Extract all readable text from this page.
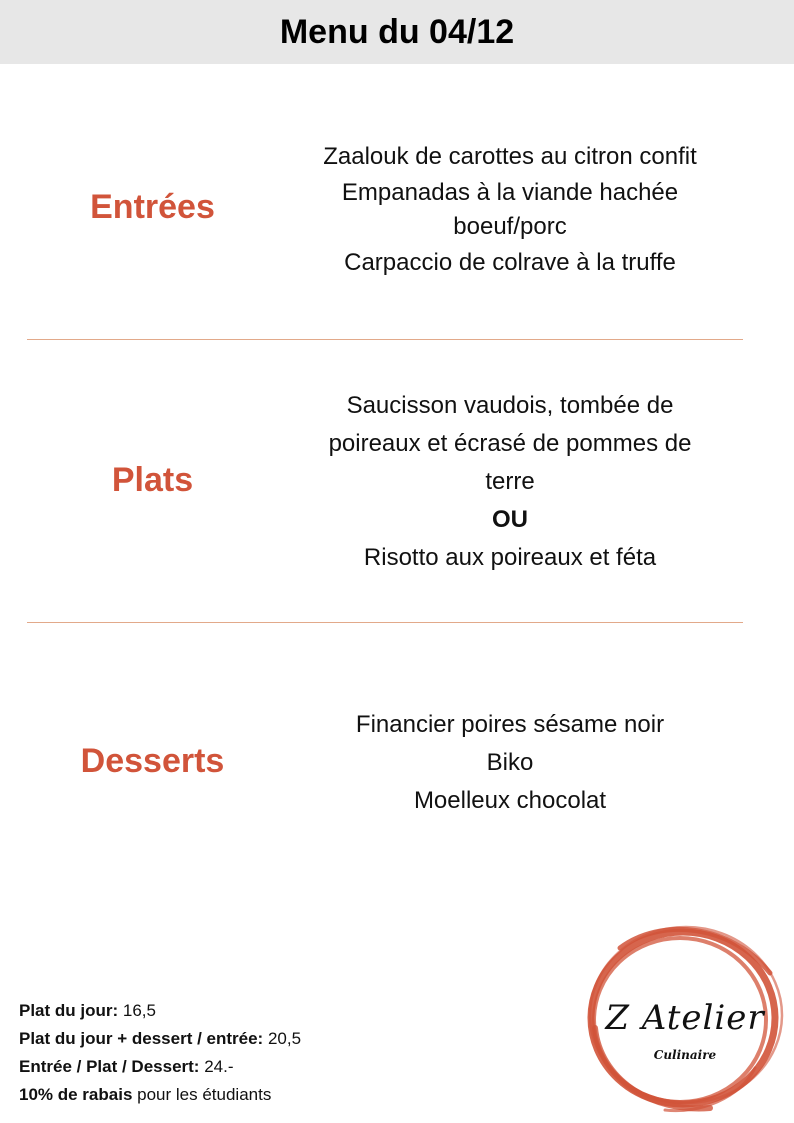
Menu du 04/12
Entrées
Zaalouk de carottes au citron confit
Empanadas à la viande hachée
boeuf/porc
Carpaccio de colrave à la truffe
Plats
Saucisson vaudois, tombée de
poireaux et écrasé de pommes de
terre
OU
Risotto aux poireaux et féta
Desserts
Financier poires sésame noir
Biko
Moelleux chocolat
Plat du jour: 16,5
Plat du jour + dessert / entrée: 20,5
Entrée / Plat / Dessert: 24.-
10% de rabais pour les étudiants
Z Atelier
Culinaire
